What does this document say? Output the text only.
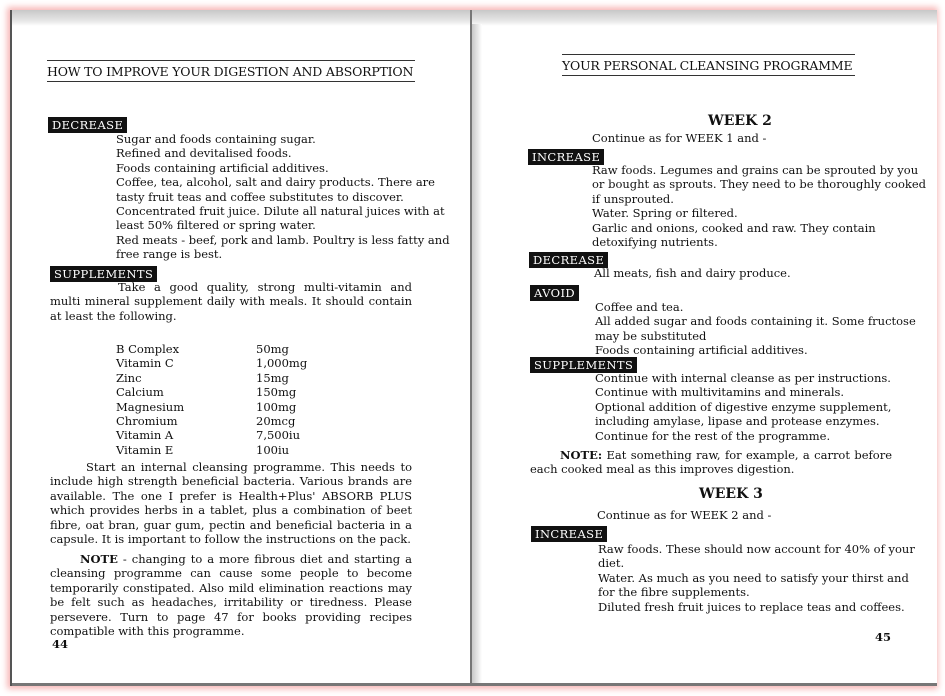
HOW TO IMPROVE YOUR DIGESTION AND ABSORPTION
DECREASE
Sugar and foods containing sugar.
Refined and devitalised foods.
Foods containing artificial additives.
Coffee, tea, alcohol, salt and dairy products. There are
tasty fruit teas and coffee substitutes to discover.
Concentrated fruit juice. Dilute all natural juices with at
least 50% filtered or spring water.
Red meats - beef, pork and lamb. Poultry is less fatty and
free range is best.
SUPPLEMENTS
Take a good quality, strong multi-vitamin and multi mineral supplement daily with meals. It should contain at least the following.
B Complex	50mg
Vitamin C	1,000mg
Zinc	15mg
Calcium	150mg
Magnesium	100mg
Chromium	20mcg
Vitamin A	7,500iu
Vitamin E	100iu
Start an internal cleansing programme. This needs to include high strength beneficial bacteria. Various brands are available. The one I prefer is Health+Plus' ABSORB PLUS which provides herbs in a tablet, plus a combination of beet fibre, oat bran, guar gum, pectin and beneficial bacteria in a capsule. It is important to follow the instructions on the pack.
NOTE - changing to a more fibrous diet and starting a cleansing programme can cause some people to become temporarily constipated. Also mild elimination reactions may be felt such as headaches, irritability or tiredness. Please persevere. Turn to page 47 for books providing recipes compatible with this programme.
44
YOUR PERSONAL CLEANSING PROGRAMME
WEEK 2
Continue as for WEEK 1 and -
INCREASE
Raw foods. Legumes and grains can be sprouted by you
or bought as sprouts. They need to be thoroughly cooked
if unsprouted.
Water. Spring or filtered.
Garlic and onions, cooked and raw. They contain
detoxifying nutrients.
DECREASE
All meats, fish and dairy produce.
AVOID
Coffee and tea.
All added sugar and foods containing it. Some fructose
may be substituted
Foods containing artificial additives.
SUPPLEMENTS
Continue with internal cleanse as per instructions.
Continue with multivitamins and minerals.
Optional addition of digestive enzyme supplement,
including amylase, lipase and protease enzymes.
Continue for the rest of the programme.
NOTE: Eat something raw, for example, a carrot before each cooked meal as this improves digestion.
WEEK 3
Continue as for WEEK 2 and -
INCREASE
Raw foods. These should now account for 40% of your
diet.
Water. As much as you need to satisfy your thirst and
for the fibre supplements.
Diluted fresh fruit juices to replace teas and coffees.
45
